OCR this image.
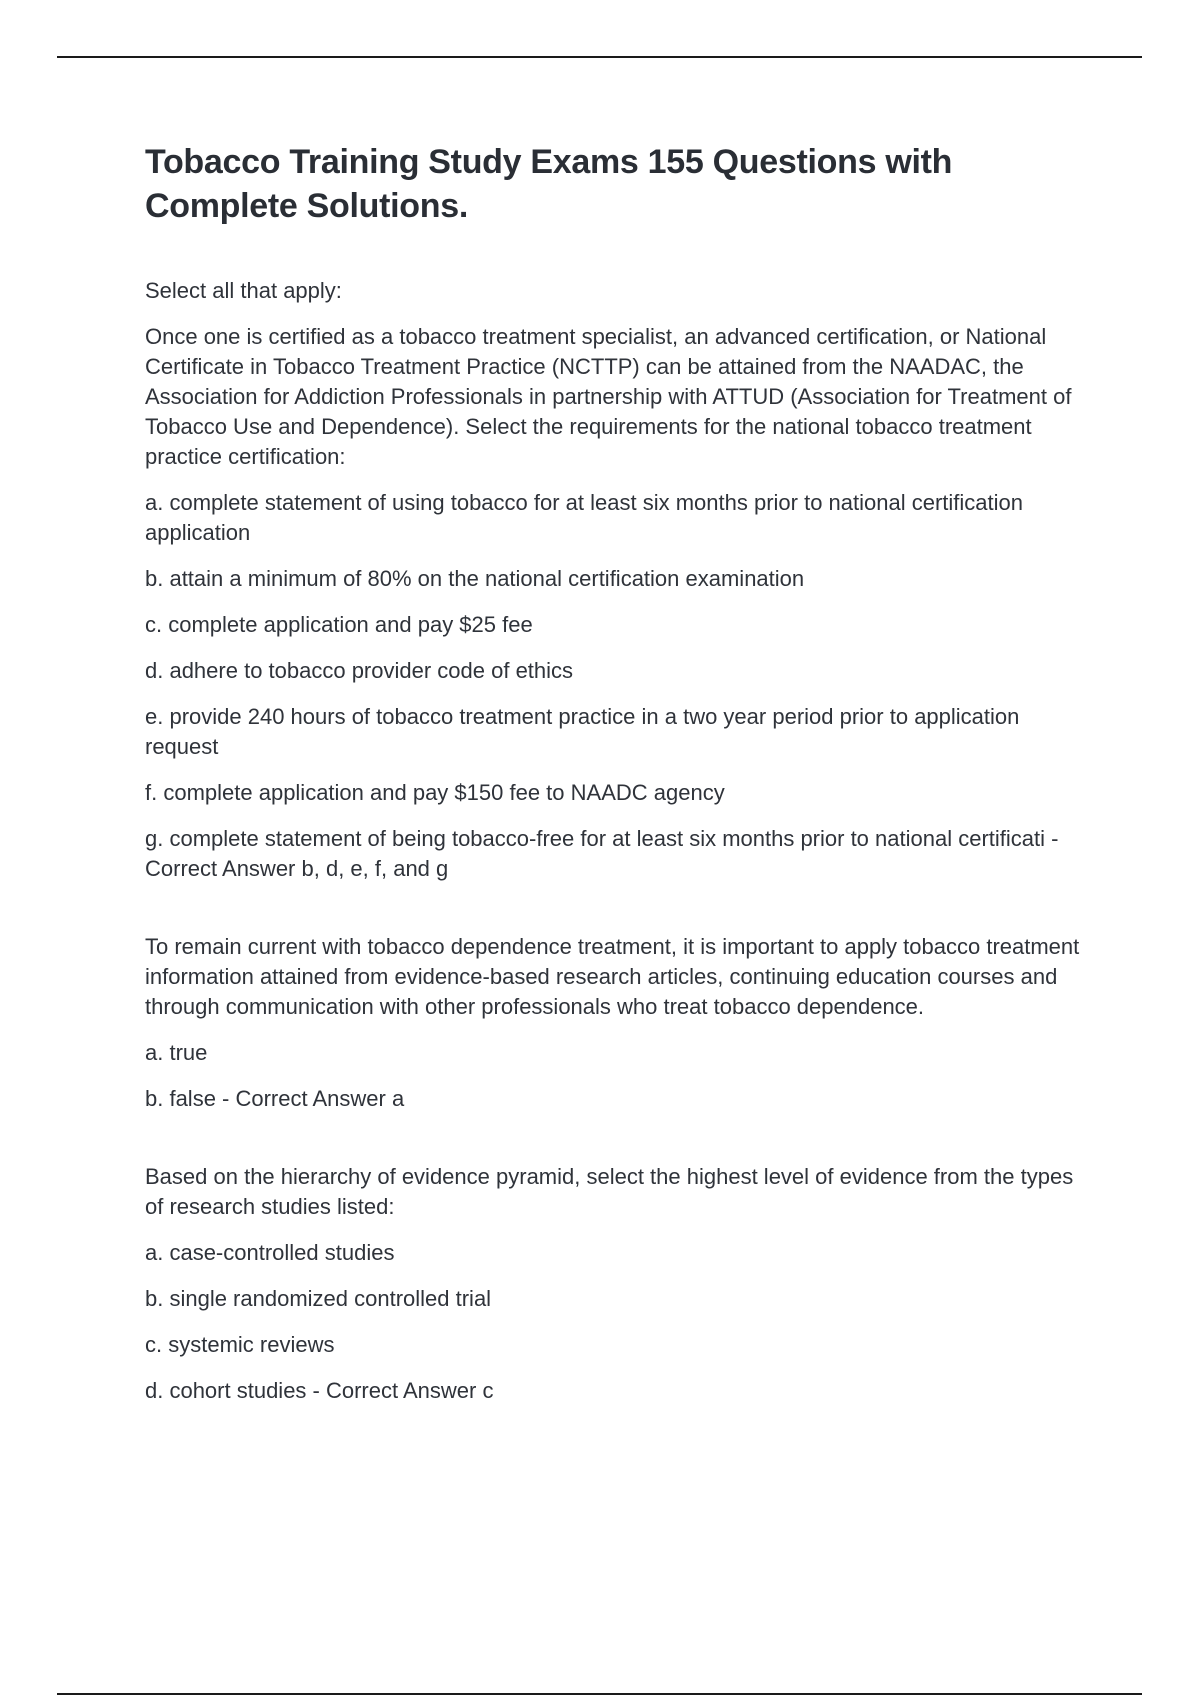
Tobacco Training Study Exams 155 Questions with Complete Solutions.

Select all that apply:

Once one is certified as a tobacco treatment specialist, an advanced certification, or National Certificate in Tobacco Treatment Practice (NCTTP) can be attained from the NAADAC, the Association for Addiction Professionals in partnership with ATTUD (Association for Treatment of Tobacco Use and Dependence). Select the requirements for the national tobacco treatment practice certification:

a. complete statement of using tobacco for at least six months prior to national certification application

b. attain a minimum of 80% on the national certification examination

c. complete application and pay $25 fee

d. adhere to tobacco provider code of ethics

e. provide 240 hours of tobacco treatment practice in a two year period prior to application request

f. complete application and pay $150 fee to NAADC agency

g. complete statement of being tobacco-free for at least six months prior to national certificati - Correct Answer b, d, e, f, and g

To remain current with tobacco dependence treatment, it is important to apply tobacco treatment information attained from evidence-based research articles, continuing education courses and through communication with other professionals who treat tobacco dependence.

a. true

b. false - Correct Answer a

Based on the hierarchy of evidence pyramid, select the highest level of evidence from the types of research studies listed:

a. case-controlled studies

b. single randomized controlled trial

c. systemic reviews

d. cohort studies - Correct Answer c
